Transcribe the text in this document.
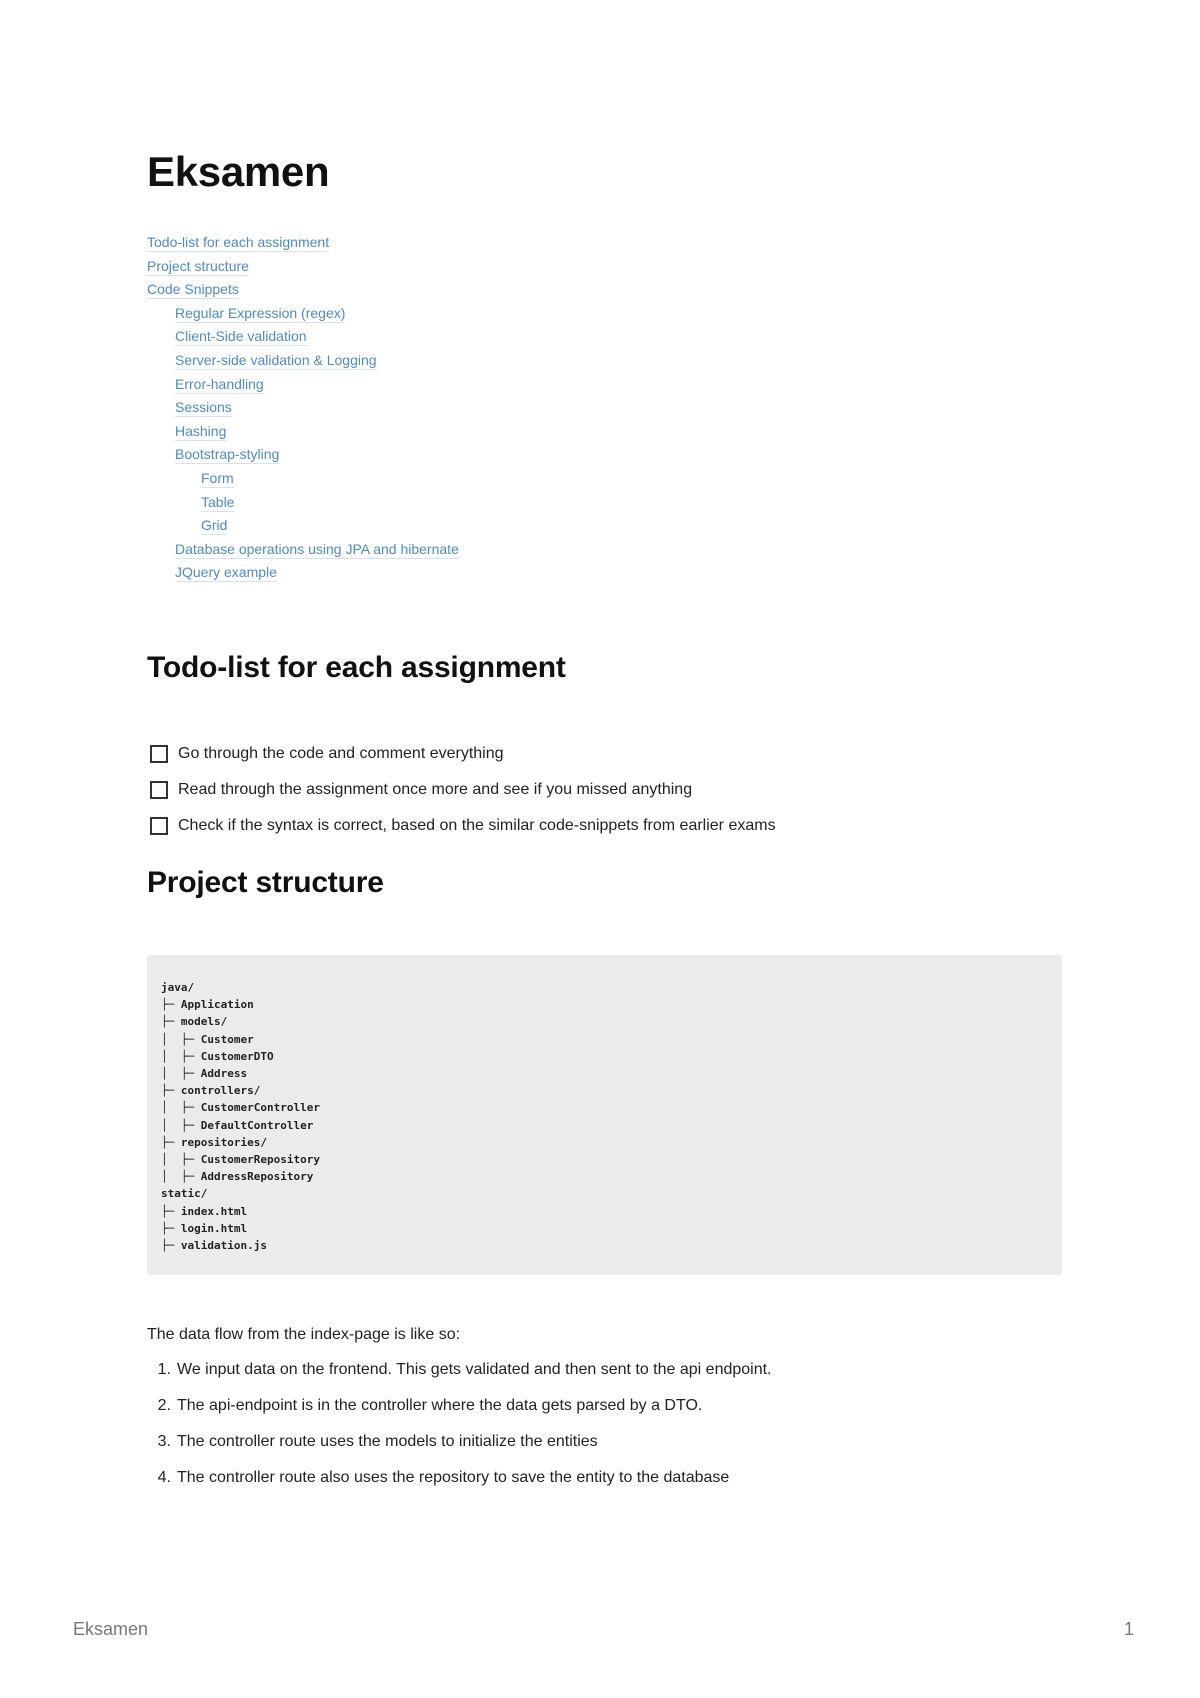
Eksamen
Todo-list for each assignment
Project structure
Code Snippets
Regular Expression (regex)
Client-Side validation
Server-side validation & Logging
Error-handling
Sessions
Hashing
Bootstrap-styling
Form
Table
Grid
Database operations using JPA and hibernate
JQuery example
Todo-list for each assignment
Go through the code and comment everything
Read through the assignment once more and see if you missed anything
Check if the syntax is correct, based on the similar code-snippets from earlier exams
Project structure
java/
├─ Application
├─ models/
│  ├─ Customer
│  ├─ CustomerDTO
│  ├─ Address
├─ controllers/
│  ├─ CustomerController
│  ├─ DefaultController
├─ repositories/
│  ├─ CustomerRepository
│  ├─ AddressRepository
static/
├─ index.html
├─ login.html
├─ validation.js

The data flow from the index-page is like so:

1. We input data on the frontend. This gets validated and then sent to the api endpoint.
2. The api-endpoint is in the controller where the data gets parsed by a DTO.
3. The controller route uses the models to initialize the entities
4. The controller route also uses the repository to save the entity to the database
Eksamen	1
